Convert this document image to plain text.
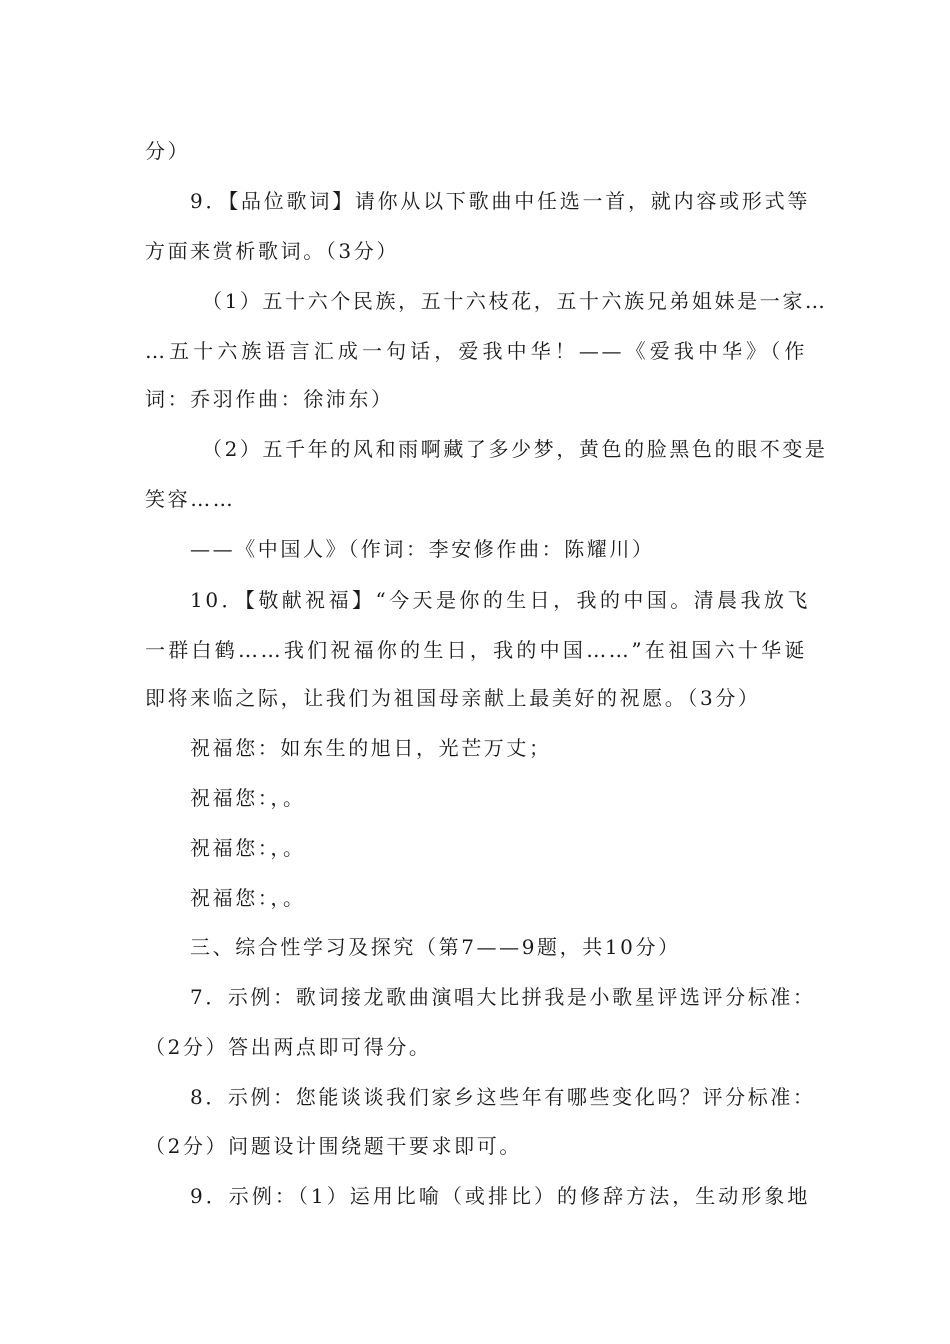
分）
9．【品位歌词】请你从以下歌曲中任选一首，就内容或形式等
方面来赏析歌词。（3分）
（1）五十六个民族，五十六枝花，五十六族兄弟姐妹是一家…
…五十六族语言汇成一句话，爱我中华！——《爱我中华》（作
词：乔羽作曲：徐沛东）
（2）五千年的风和雨啊藏了多少梦，黄色的脸黑色的眼不变是
笑容……
——《中国人》（作词：李安修作曲：陈耀川）
10．【敬献祝福】“今天是你的生日，我的中国。清晨我放飞
一群白鹤……我们祝福你的生日，我的中国……”在祖国六十华诞
即将来临之际，让我们为祖国母亲献上最美好的祝愿。（3分）
祝福您：如东生的旭日，光芒万丈；
祝福您：，。
祝福您：，。
祝福您：，。
三、综合性学习及探究（第7——9题，共10分）
7．示例：歌词接龙歌曲演唱大比拼我是小歌星评选评分标准：
（2分）答出两点即可得分。
8．示例：您能谈谈我们家乡这些年有哪些变化吗？评分标准：
（2分）问题设计围绕题干要求即可。
9．示例：（1）运用比喻（或排比）的修辞方法，生动形象地
